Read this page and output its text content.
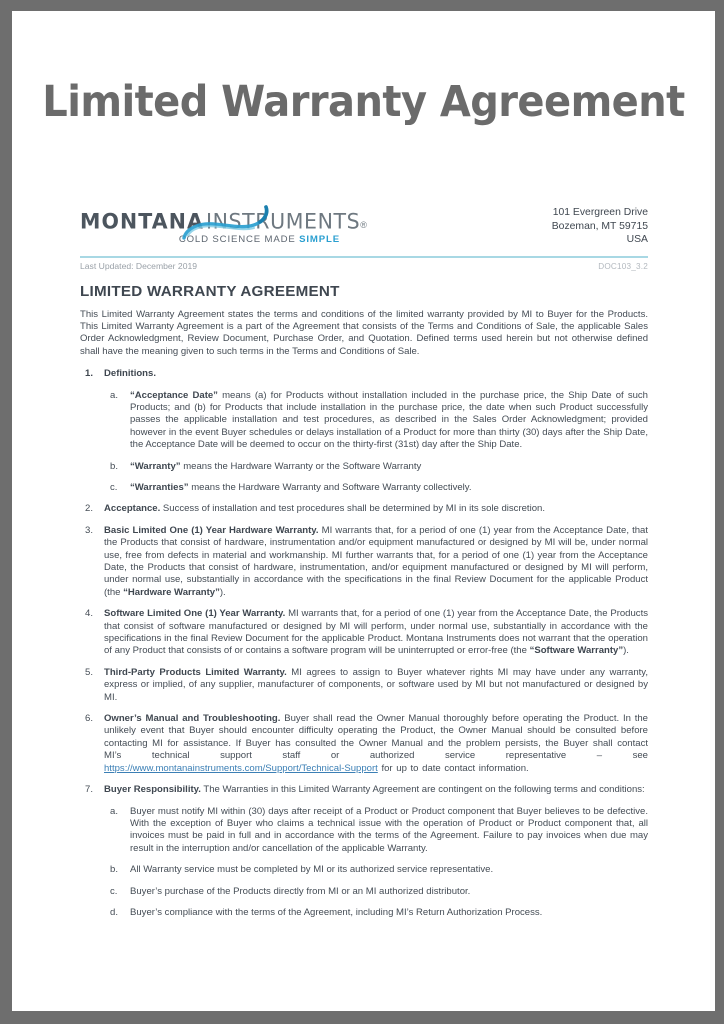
Limited Warranty Agreement
MONTANA INSTRUMENTS ®
COLD SCIENCE MADE SIMPLE
101 Evergreen Drive
Bozeman, MT 59715
USA
Last Updated: December 2019	DOC103_3.2
LIMITED WARRANTY AGREEMENT

This Limited Warranty Agreement states the terms and conditions of the limited warranty provided by MI to Buyer for the Products. This Limited Warranty Agreement is a part of the Agreement that consists of the Terms and Conditions of Sale, the applicable Sales Order Acknowledgment, Review Document, Purchase Order, and Quotation. Defined terms used herein but not otherwise defined shall have the meaning given to such terms in the Terms and Conditions of Sale.

Definitions.
“Acceptance Date” means (a) for Products without installation included in the purchase price, the Ship Date of such Products; and (b) for Products that include installation in the purchase price, the date when such Product successfully passes the applicable installation and test procedures, as described in the Sales Order Acknowledgment; provided however in the event Buyer schedules or delays installation of a Product for more than thirty (30) days after the Ship Date, the Acceptance Date will be deemed to occur on the thirty-first (31st) day after the Ship Date.
“Warranty” means the Hardware Warranty or the Software Warranty
“Warranties” means the Hardware Warranty and Software Warranty collectively.
Acceptance. Success of installation and test procedures shall be determined by MI in its sole discretion.
Basic Limited One (1) Year Hardware Warranty. MI warrants that, for a period of one (1) year from the Acceptance Date, that the Products that consist of hardware, instrumentation and/or equipment manufactured or designed by MI will be, under normal use, free from defects in material and workmanship. MI further warrants that, for a period of one (1) year from the Acceptance Date, the Products that consist of hardware, instrumentation, and/or equipment manufactured or designed by MI will perform, under normal use, substantially in accordance with the specifications in the final Review Document for the applicable Product (the “Hardware Warranty”).
Software Limited One (1) Year Warranty. MI warrants that, for a period of one (1) year from the Acceptance Date, the Products that consist of software manufactured or designed by MI will perform, under normal use, substantially in accordance with the specifications in the final Review Document for the applicable Product. Montana Instruments does not warrant that the operation of any Product that consists of or contains a software program will be uninterrupted or error-free (the “Software Warranty”).
Third-Party Products Limited Warranty. MI agrees to assign to Buyer whatever rights MI may have under any warranty, express or implied, of any supplier, manufacturer of components, or software used by MI but not manufactured or designed by MI.
Owner’s Manual and Troubleshooting. Buyer shall read the Owner Manual thoroughly before operating the Product. In the unlikely event that Buyer should encounter difficulty operating the Product, the Owner Manual should be consulted before contacting MI for assistance. If Buyer has consulted the Owner Manual and the problem persists, the Buyer shall contact MI’s technical support staff or authorized service representative – see https://www.montanainstruments.com/Support/Technical-Support for up to date contact information.
Buyer Responsibility. The Warranties in this Limited Warranty Agreement are contingent on the following terms and conditions:
Buyer must notify MI within (30) days after receipt of a Product or Product component that Buyer believes to be defective. With the exception of Buyer who claims a technical issue with the operation of Product or Product component that, all invoices must be paid in full and in accordance with the terms of the Agreement. Failure to pay invoices when due may result in the interruption and/or cancellation of the applicable Warranty.
All Warranty service must be completed by MI or its authorized service representative.
Buyer’s purchase of the Products directly from MI or an MI authorized distributor.
Buyer’s compliance with the terms of the Agreement, including MI’s Return Authorization Process.
